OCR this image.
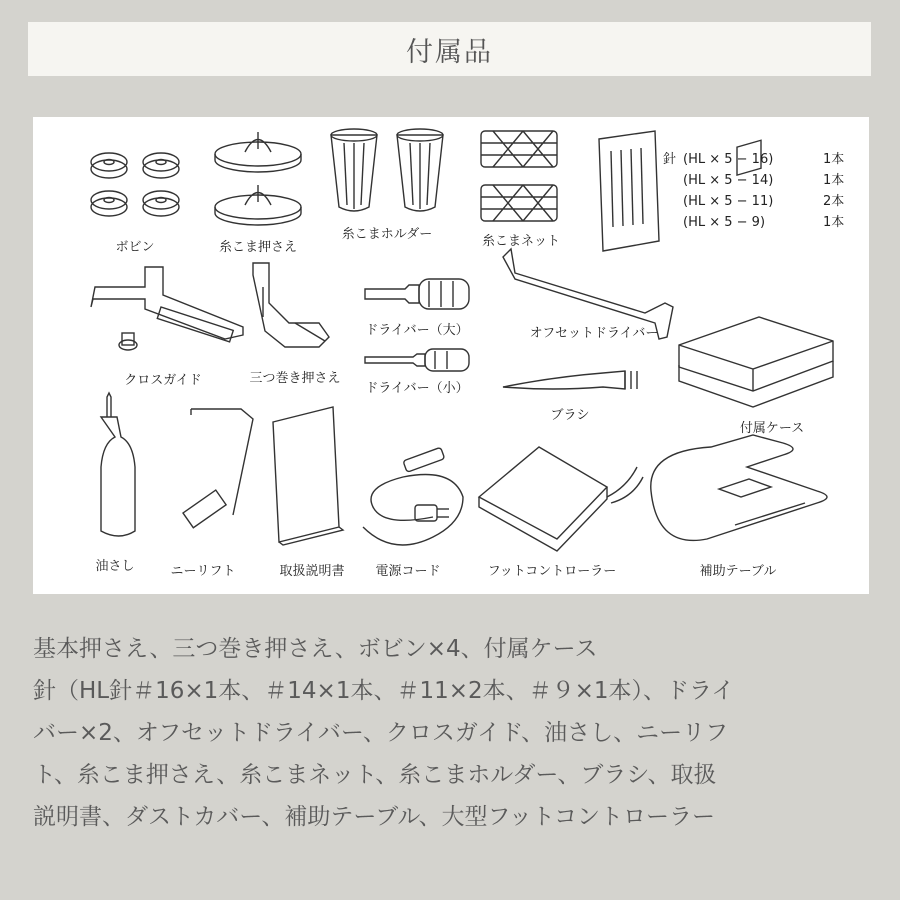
付属品
ボビン	糸こま押さえ
糸こまホルダー	糸こまネット
クロスガイド	三つ巻き押さえ
ドライバー（大）
ドライバー（小）
オフセットドライバー
ブラシ
付属ケース
油さし	ニーリフト	取扱説明書 電源コード	フットコントローラー	補助テーブル
針 (HL × 5 − 16)	1本
(HL × 5 − 14)	1本
(HL × 5 − 11)	2本
(HL × 5 − 9)	1本

基本押さえ、三つ巻き押さえ、ボビン×4、付属ケース

針（HL針＃16×1本、＃14×1本、＃11×2本、＃９×1本）、ドライ

バー×2、オフセットドライバー、クロスガイド、油さし、ニーリフ

ト、糸こま押さえ、糸こまネット、糸こまホルダー、ブラシ、取扱

説明書、ダストカバー、補助テーブル、大型フットコントローラー
